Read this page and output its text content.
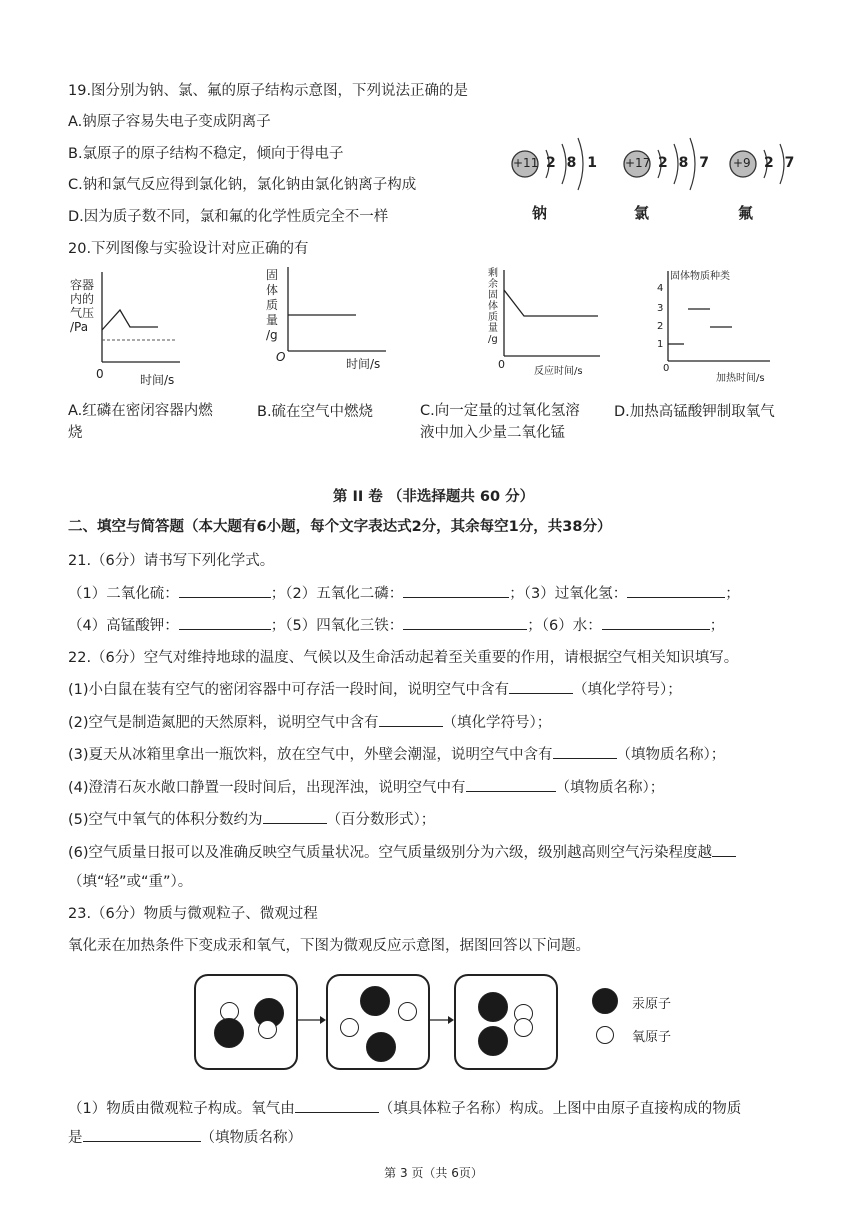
19.图分别为钠、氯、氟的原子结构示意图，下列说法正确的是
A.钠原子容易失电子变成阴离子
B.氯原子的原子结构不稳定，倾向于得电子
C.钠和氯气反应得到氯化钠，氯化钠由氯化钠离子构成
D.因为质子数不同，氯和氟的化学性质完全不一样
+11 2 8 1
钠
+17 2 8 7
氯
+9 2 7
氟
20.下列图像与实验设计对应正确的有
容器
内的
气压
/Pa
0	时间/s
固
体
质
量
/g
O	时间/s
剩
余
固
体
质
量
/g
0
反应时间/s
固体物质种类
4
3
2
1
0
加热时间/s
A.红磷在密闭容器内燃
烧
B.硫在空气中燃烧	C.向一定量的过氧化氢溶
液中加入少量二氧化锰
D.加热高锰酸钾制取氧气
第 II 卷 （非选择题共 60 分）
二、填空与简答题（本大题有6小题，每个文字表达式2分，其余每空1分，共38分）
21.（6分）请书写下列化学式。
（1）二氧化硫：	；（2）五氧化二磷：	；（3）过氧化氢：	；
（4）高锰酸钾：	；（5）四氧化三铁：	；（6）水：	；
22.（6分）空气对维持地球的温度、气候以及生命活动起着至关重要的作用，请根据空气相关知识填写。
(1)小白鼠在装有空气的密闭容器中可存活一段时间，说明空气中含有	（填化学符号）；
(2)空气是制造氮肥的天然原料，说明空气中含有	（填化学符号）；
(3)夏天从冰箱里拿出一瓶饮料，放在空气中，外壁会潮湿，说明空气中含有	（填物质名称）；
(4)澄清石灰水敞口静置一段时间后，出现浑浊，说明空气中有	（填物质名称）；
(5)空气中氧气的体积分数约为	（百分数形式）；
(6)空气质量日报可以及准确反映空气质量状况。空气质量级别分为六级，级别越高则空气污染程度越
（填“轻”或“重”）。
23.（6分）物质与微观粒子、微观过程
氧化汞在加热条件下变成汞和氧气，下图为微观反应示意图，据图回答以下问题。
汞原子
氧原子
（1）物质由微观粒子构成。氧气由	（填具体粒子名称）构成。上图中由原子直接构成的物质
是	（填物质名称）
第 3 页（共 6页）
